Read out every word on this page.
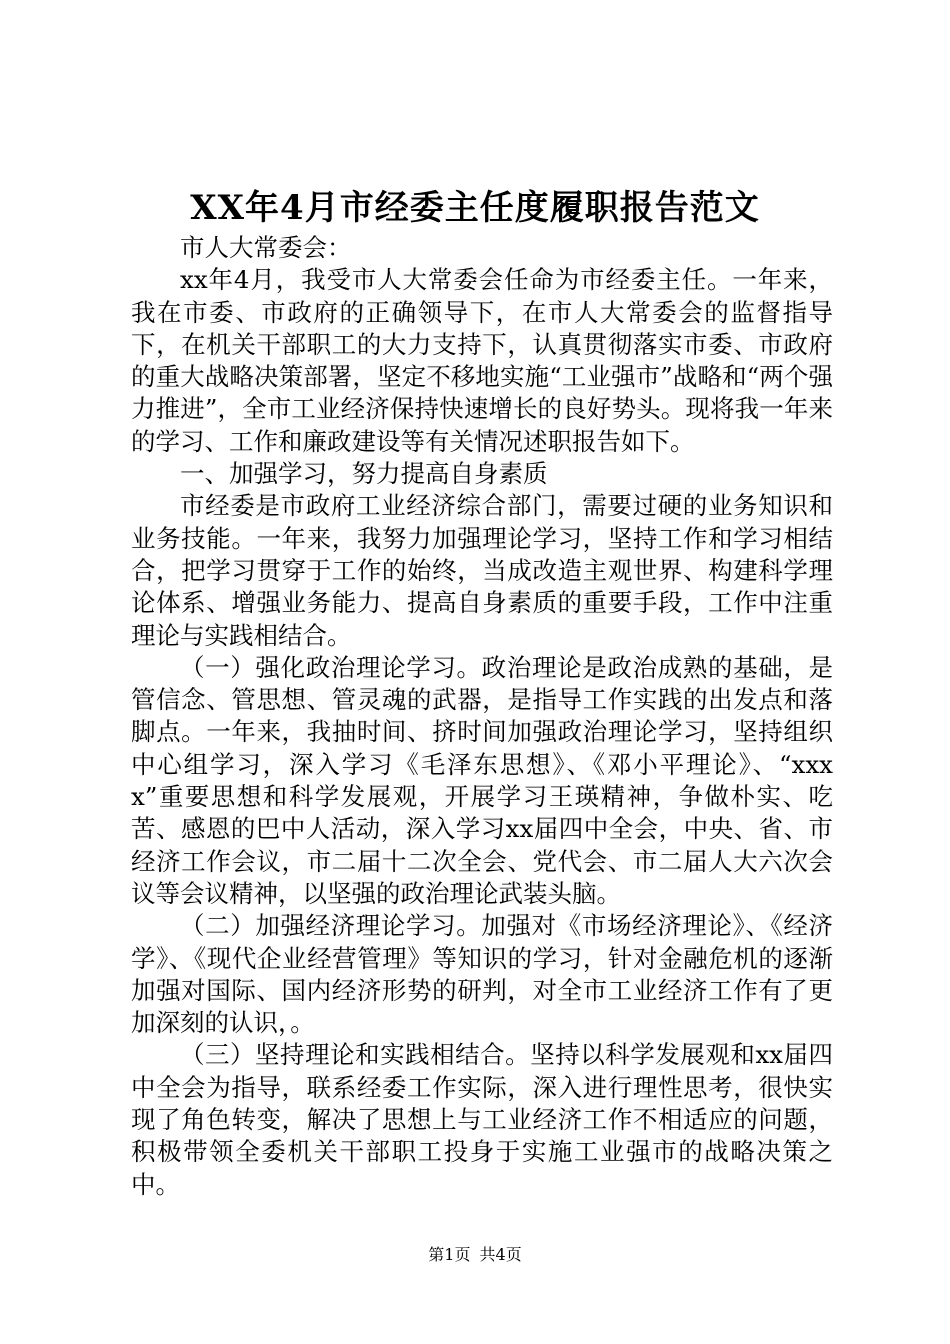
XX年4月市经委主任度履职报告范文

市人大常委会：

xx年4月，我受市人大常委会任命为市经委主任。一年来，我在市委、市政府的正确领导下，在市人大常委会的监督指导下，在机关干部职工的大力支持下，认真贯彻落实市委、市政府的重大战略决策部署，坚定不移地实施“工业强市”战略和“两个强力推进”，全市工业经济保持快速增长的良好势头。现将我一年来的学习、工作和廉政建设等有关情况述职报告如下。

一、加强学习，努力提高自身素质

市经委是市政府工业经济综合部门，需要过硬的业务知识和业务技能。一年来，我努力加强理论学习，坚持工作和学习相结合，把学习贯穿于工作的始终，当成改造主观世界、构建科学理论体系、增强业务能力、提高自身素质的重要手段，工作中注重理论与实践相结合。

（一）强化政治理论学习。政治理论是政治成熟的基础，是管信念、管思想、管灵魂的武器，是指导工作实践的出发点和落脚点。一年来，我抽时间、挤时间加强政治理论学习，坚持组织中心组学习，深入学习《毛泽东思想》、《邓小平理论》、“xxxx”重要思想和科学发展观，开展学习王瑛精神，争做朴实、吃苦、感恩的巴中人活动，深入学习xx届四中全会，中央、省、市经济工作会议，市二届十二次全会、党代会、市二届人大六次会议等会议精神，以坚强的政治理论武装头脑。

（二）加强经济理论学习。加强对《市场经济理论》、《经济学》、《现代企业经营管理》等知识的学习，针对金融危机的逐渐加强对国际、国内经济形势的研判，对全市工业经济工作有了更加深刻的认识，。

（三）坚持理论和实践相结合。坚持以科学发展观和xx届四中全会为指导，联系经委工作实际，深入进行理性思考，很快实现了角色转变，解决了思想上与工业经济工作不相适应的问题，积极带领全委机关干部职工投身于实施工业强市的战略决策之中。

第1页 共4页
